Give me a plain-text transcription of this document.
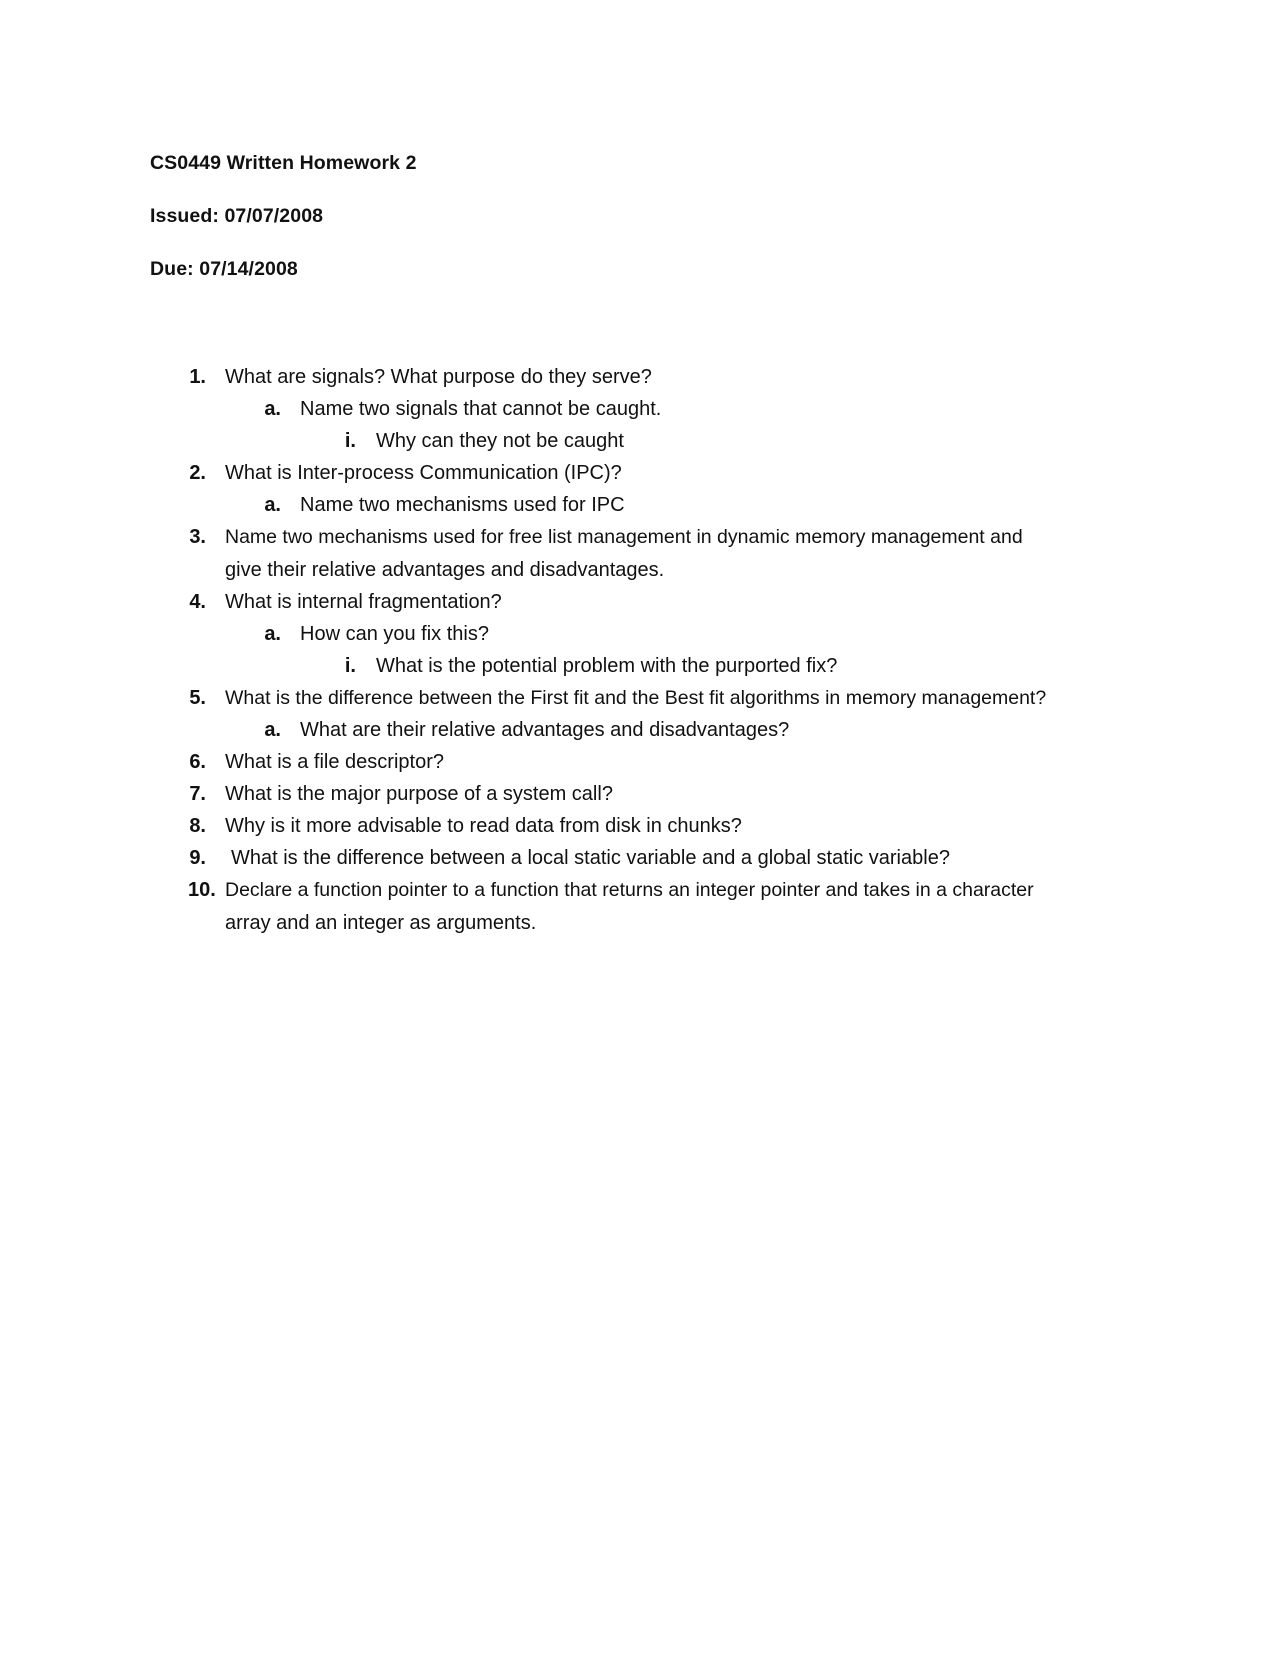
CS0449 Written Homework 2
Issued: 07/07/2008
Due: 07/14/2008
1. What are signals? What purpose do they serve?
a. Name two signals that cannot be caught.
i. Why can they not be caught
2. What is Inter-process Communication (IPC)?
a. Name two mechanisms used for IPC
3. Name two mechanisms used for free list management in dynamic memory management and
give their relative advantages and disadvantages.
4. What is internal fragmentation?
a. How can you fix this?
i. What is the potential problem with the purported fix?
5. What is the difference between the First fit and the Best fit algorithms in memory management?
a. What are their relative advantages and disadvantages?
6. What is a file descriptor?
7. What is the major purpose of a system call?
8. Why is it more advisable to read data from disk in chunks?
9. What is the difference between a local static variable and a global static variable?
10. Declare a function pointer to a function that returns an integer pointer and takes in a character
array and an integer as arguments.
